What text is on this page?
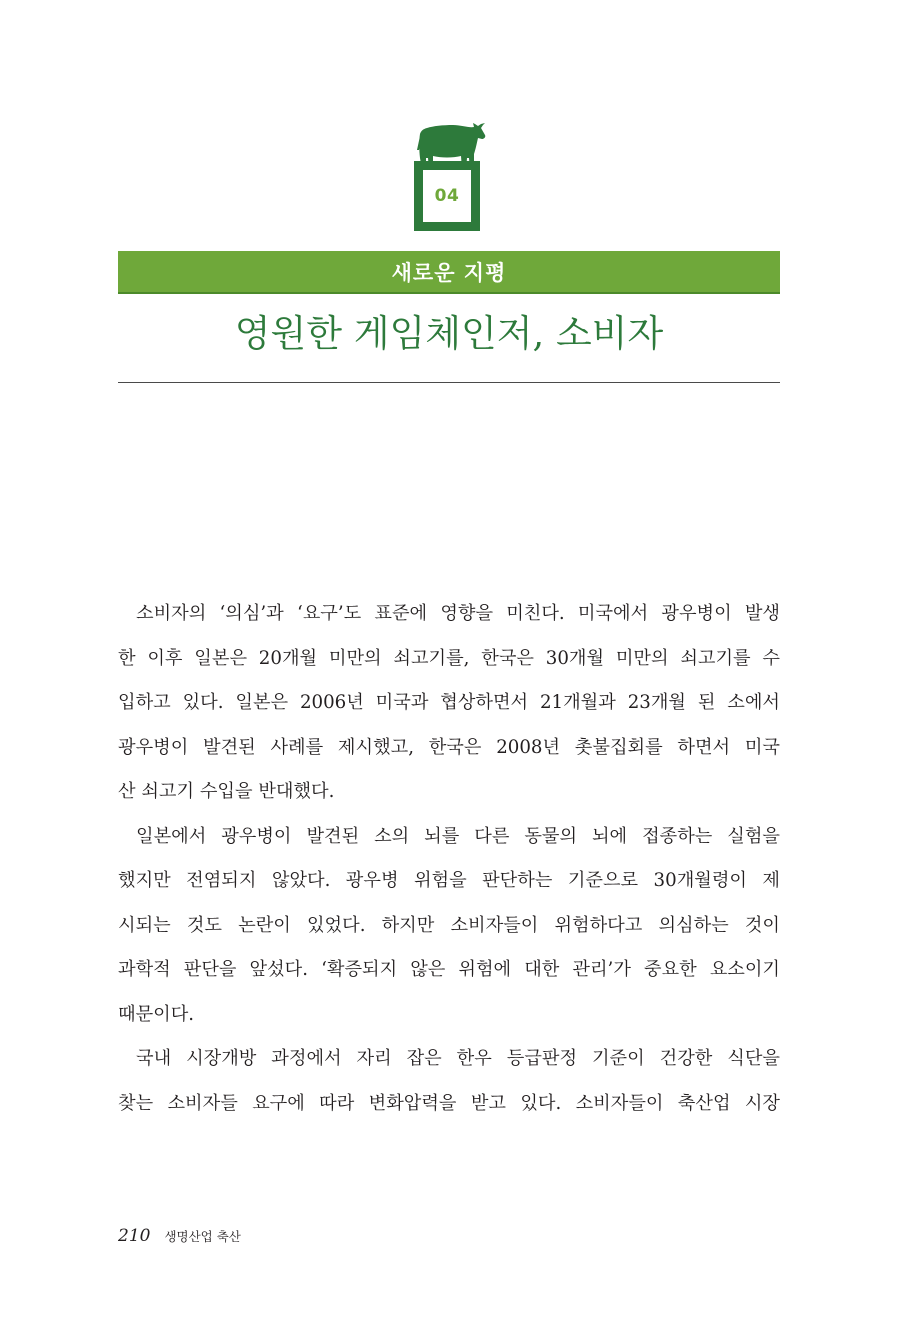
04
새로운 지평
영원한 게임체인저, 소비자
소비자의 ‘의심’과 ‘요구’도 표준에 영향을 미친다. 미국에서 광우병이 발생
한 이후 일본은 20개월 미만의 쇠고기를, 한국은 30개월 미만의 쇠고기를 수
입하고 있다. 일본은 2006년 미국과 협상하면서 21개월과 23개월 된 소에서
광우병이 발견된 사례를 제시했고, 한국은 2008년 촛불집회를 하면서 미국
산 쇠고기 수입을 반대했다.
일본에서 광우병이 발견된 소의 뇌를 다른 동물의 뇌에 접종하는 실험을
했지만 전염되지 않았다. 광우병 위험을 판단하는 기준으로 30개월령이 제
시되는 것도 논란이 있었다. 하지만 소비자들이 위험하다고 의심하는 것이
과학적 판단을 앞섰다. ‘확증되지 않은 위험에 대한 관리’가 중요한 요소이기
때문이다.
국내 시장개방 과정에서 자리 잡은 한우 등급판정 기준이 건강한 식단을
찾는 소비자들 요구에 따라 변화압력을 받고 있다. 소비자들이 축산업 시장
210 생명산업 축산
